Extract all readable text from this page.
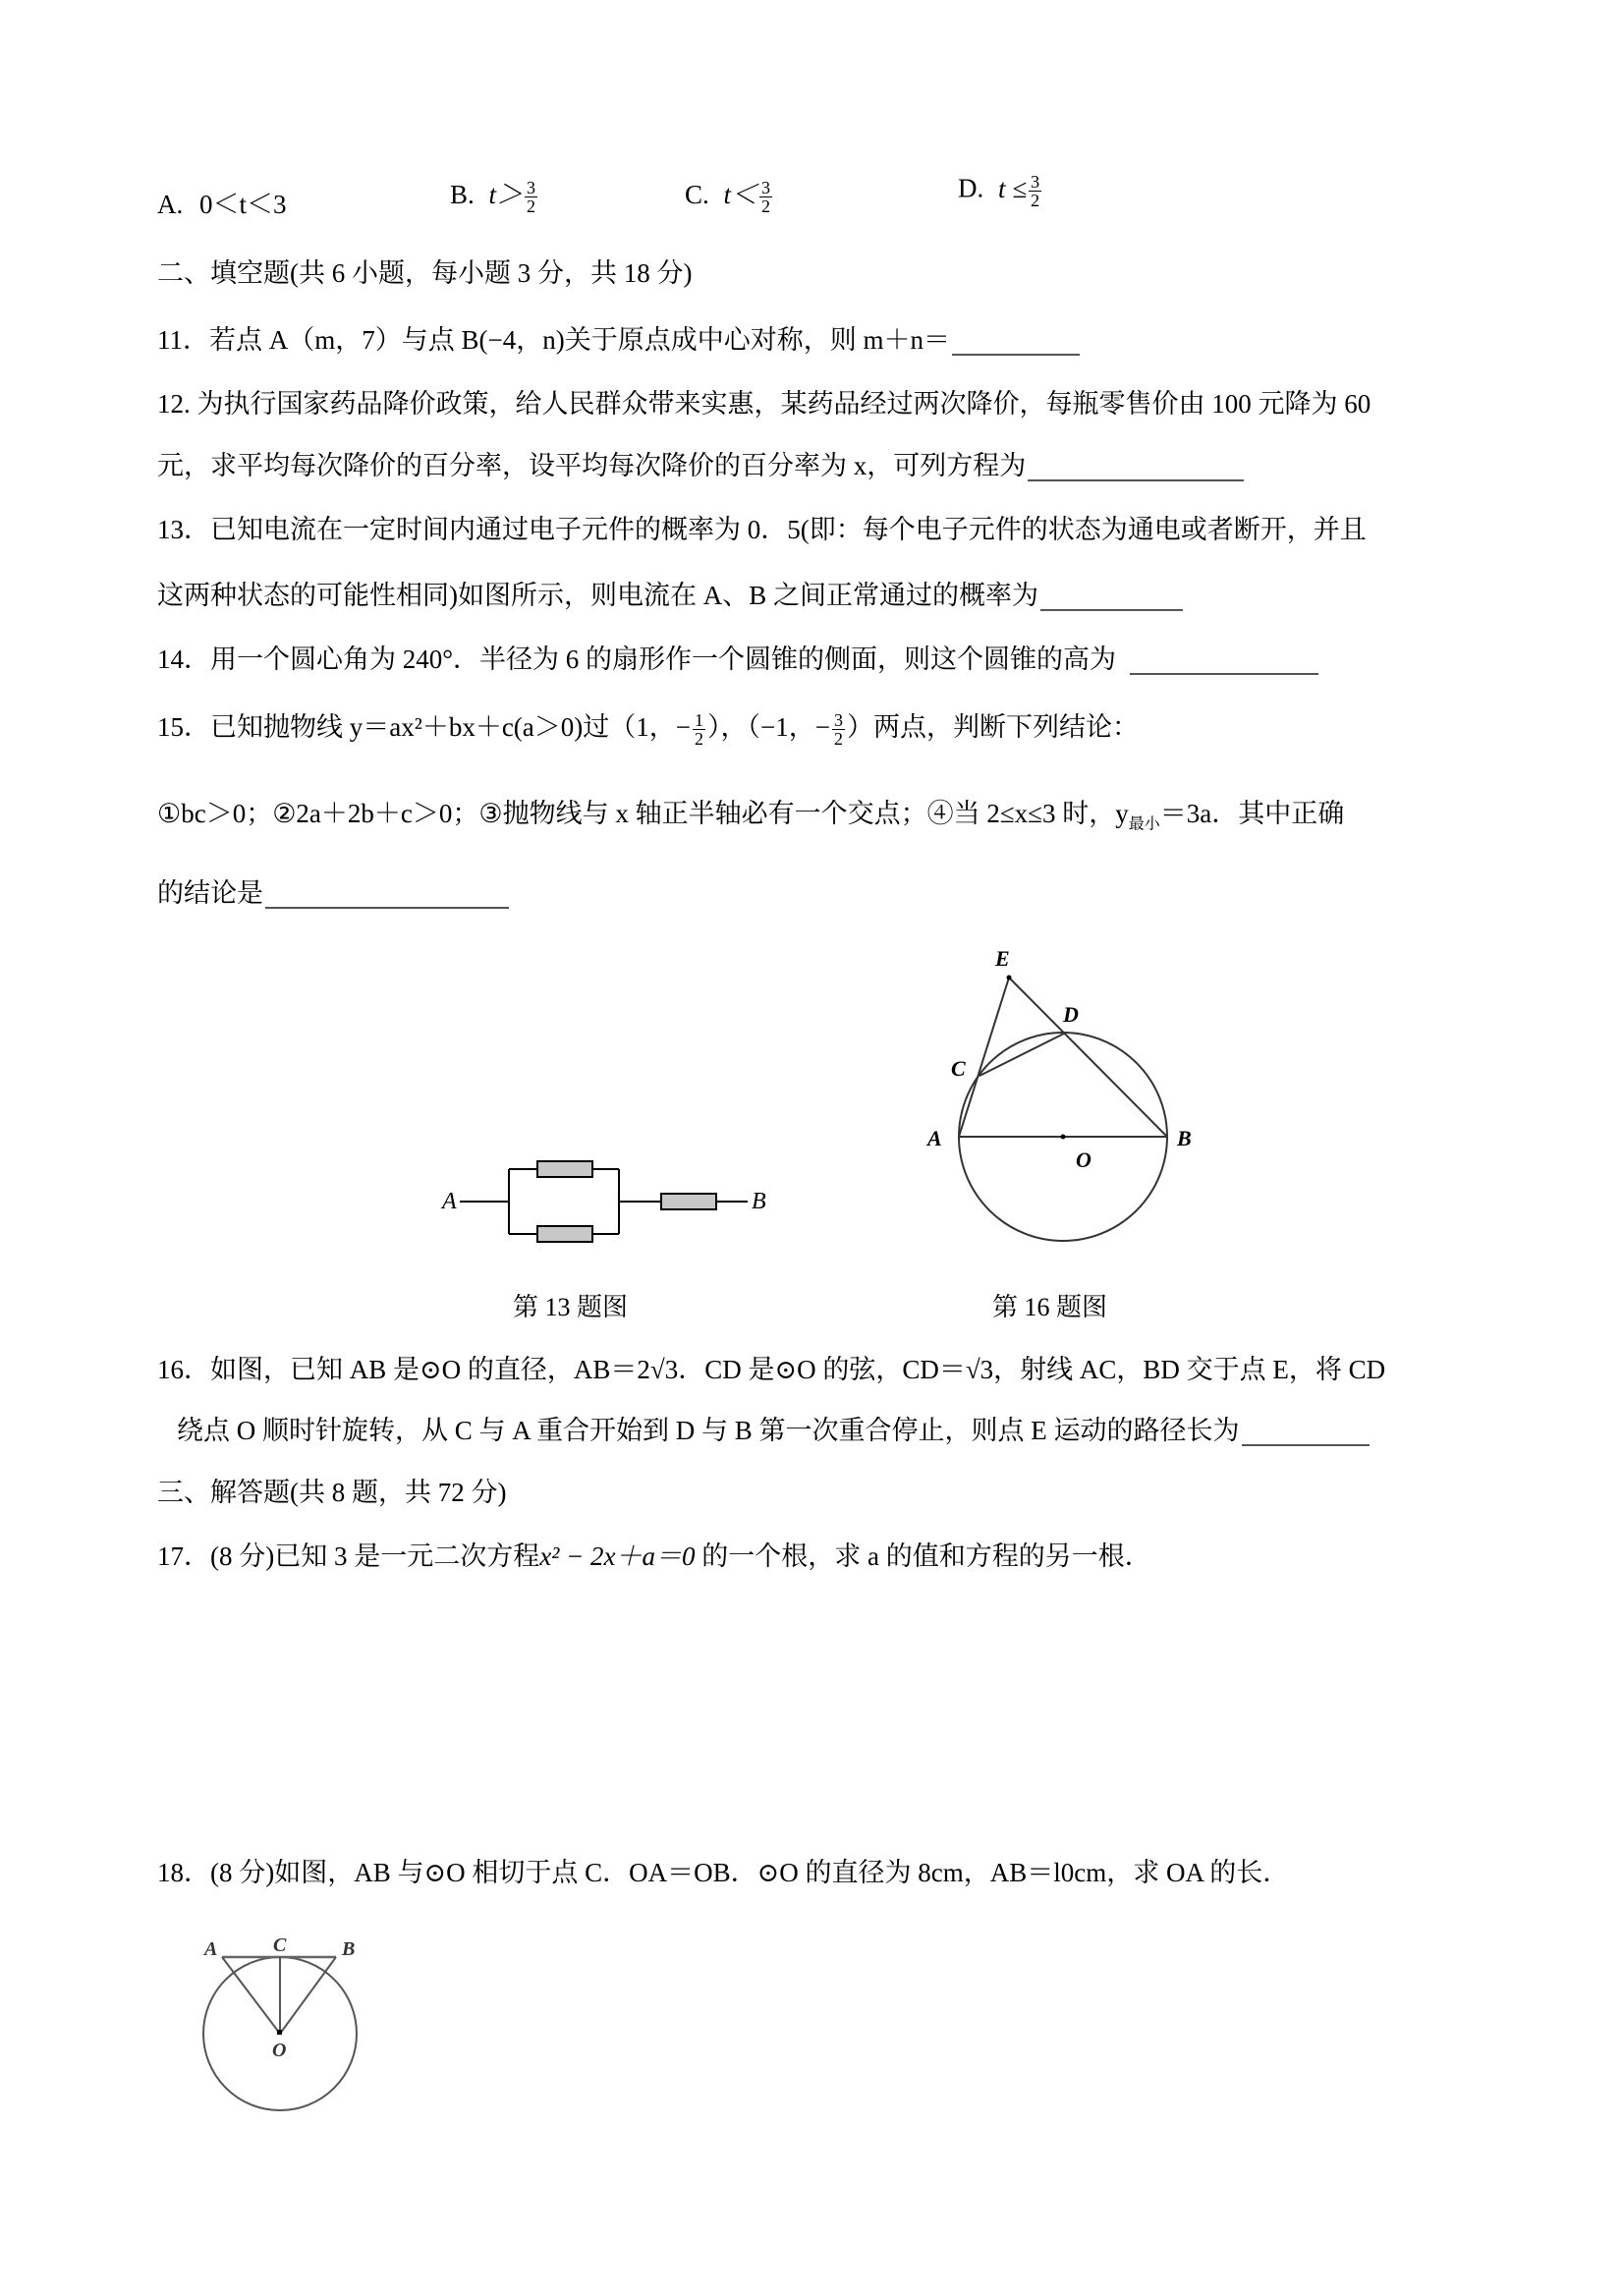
A. 0＜t＜3	B. $t> \frac{3}{2}$	C. $t< \frac{3}{2}$	D. $t \le \frac{3}{2}$
二、填空题(共 6 小题，每小题 3 分，共 18 分)
11．若点 A（m，7）与点 B(−4，n)关于原点成中心对称，则 m＋n＝
12. 为执行国家药品降价政策，给人民群众带来实惠，某药品经过两次降价，每瓶零售价由 100 元降为 60
元，求平均每次降价的百分率，设平均每次降价的百分率为 x，可列方程为
13．已知电流在一定时间内通过电子元件的概率为 0．5(即：每个电子元件的状态为通电或者断开，并且
这两种状态的可能性相同)如图所示，则电流在 A、B 之间正常通过的概率为
14．用一个圆心角为 240°．半径为 6 的扇形作一个圆锥的侧面，则这个圆锥的高为
15．已知抛物线 y＝ax²＋bx＋c(a＞0)过（1，− $\frac{1}{2}$ ），（−1，− $\frac{3}{2}$ ）两点，判断下列结论：
①bc＞0；②2a＋2b＋c＞0；③抛物线与 x 轴正半轴必有一个交点；④当 2≤x≤3 时，$y_{最小}=3a$．其中正确
的结论是
A	B
第 13 题图
E
D
C
A
O
B
第 16 题图
16．如图，已知 AB 是⊙O 的直径，AB＝2√3．CD 是⊙O 的弦，CD＝√3，射线 AC，BD 交于点 E，将 CD
绕点 O 顺时针旋转，从 C 与 A 重合开始到 D 与 B 第一次重合停止，则点 E 运动的路径长为
三、解答题(共 8 题，共 72 分)
17．(8 分)已知 3 是一元二次方程x² − 2x＋a＝0 的一个根，求 a 的值和方程的另一根．
18．(8 分)如图，AB 与⊙O 相切于点 C．OA＝OB．⊙O 的直径为 8cm，AB＝l0cm，求 OA 的长．
A	C	B
O
